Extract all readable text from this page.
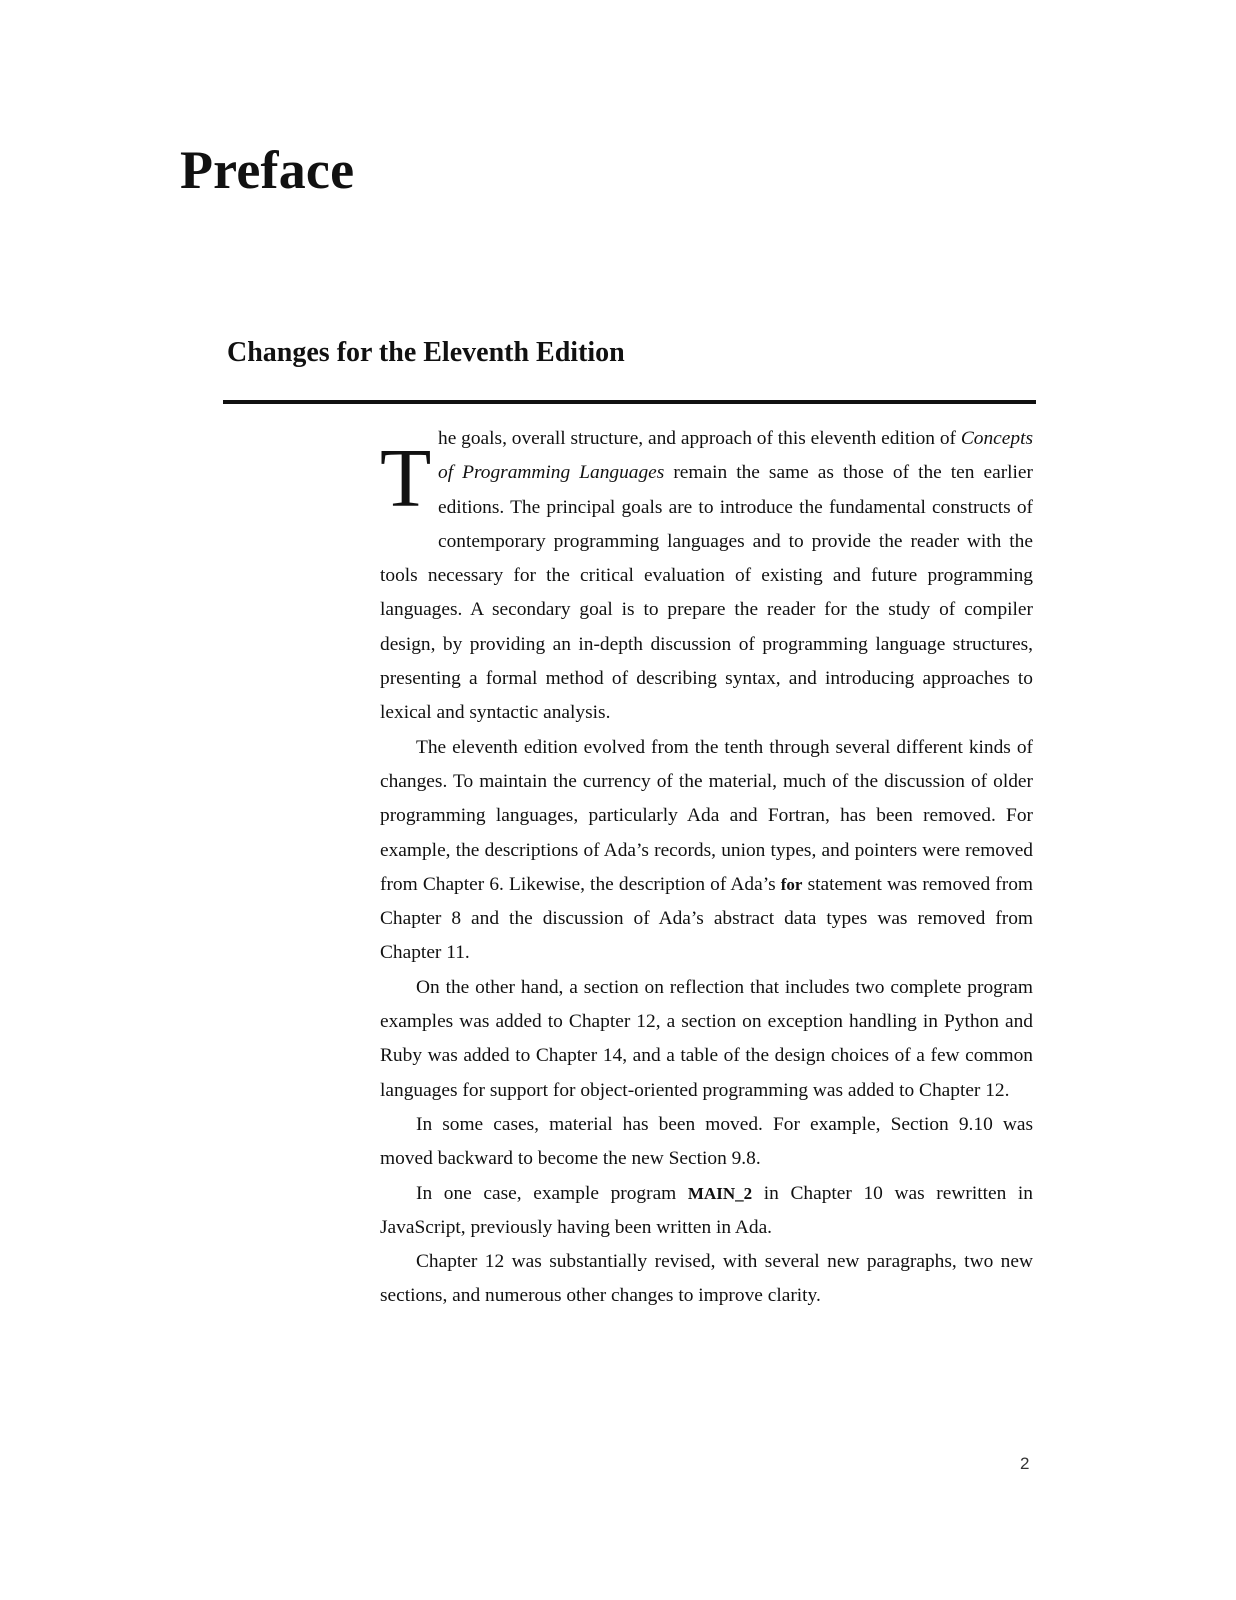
Preface
Changes for the Eleventh Edition

The goals, overall structure, and approach of this eleventh edition of Concepts of Programming Languages remain the same as those of the ten earlier editions. The principal goals are to introduce the fundamental constructs of contemporary programming languages and to provide the reader with the tools necessary for the critical evaluation of existing and future programming languages. A secondary goal is to prepare the reader for the study of compiler design, by providing an in-depth discussion of programming language structures, presenting a formal method of describing syntax, and introducing approaches to lexical and syntactic analysis.

The eleventh edition evolved from the tenth through several different kinds of changes. To maintain the currency of the material, much of the discussion of older programming languages, particularly Ada and Fortran, has been removed. For example, the descriptions of Ada’s records, union types, and pointers were removed from Chapter 6. Likewise, the description of Ada’s for statement was removed from Chapter 8 and the discussion of Ada’s abstract data types was removed from Chapter 11.

On the other hand, a section on reflection that includes two complete program examples was added to Chapter 12, a section on exception handling in Python and Ruby was added to Chapter 14, and a table of the design choices of a few common languages for support for object-oriented programming was added to Chapter 12.

In some cases, material has been moved. For example, Section 9.10 was moved backward to become the new Section 9.8.

In one case, example program MAIN_2 in Chapter 10 was rewritten in JavaScript, previously having been written in Ada.

Chapter 12 was substantially revised, with several new paragraphs, two new sections, and numerous other changes to improve clarity.

2
